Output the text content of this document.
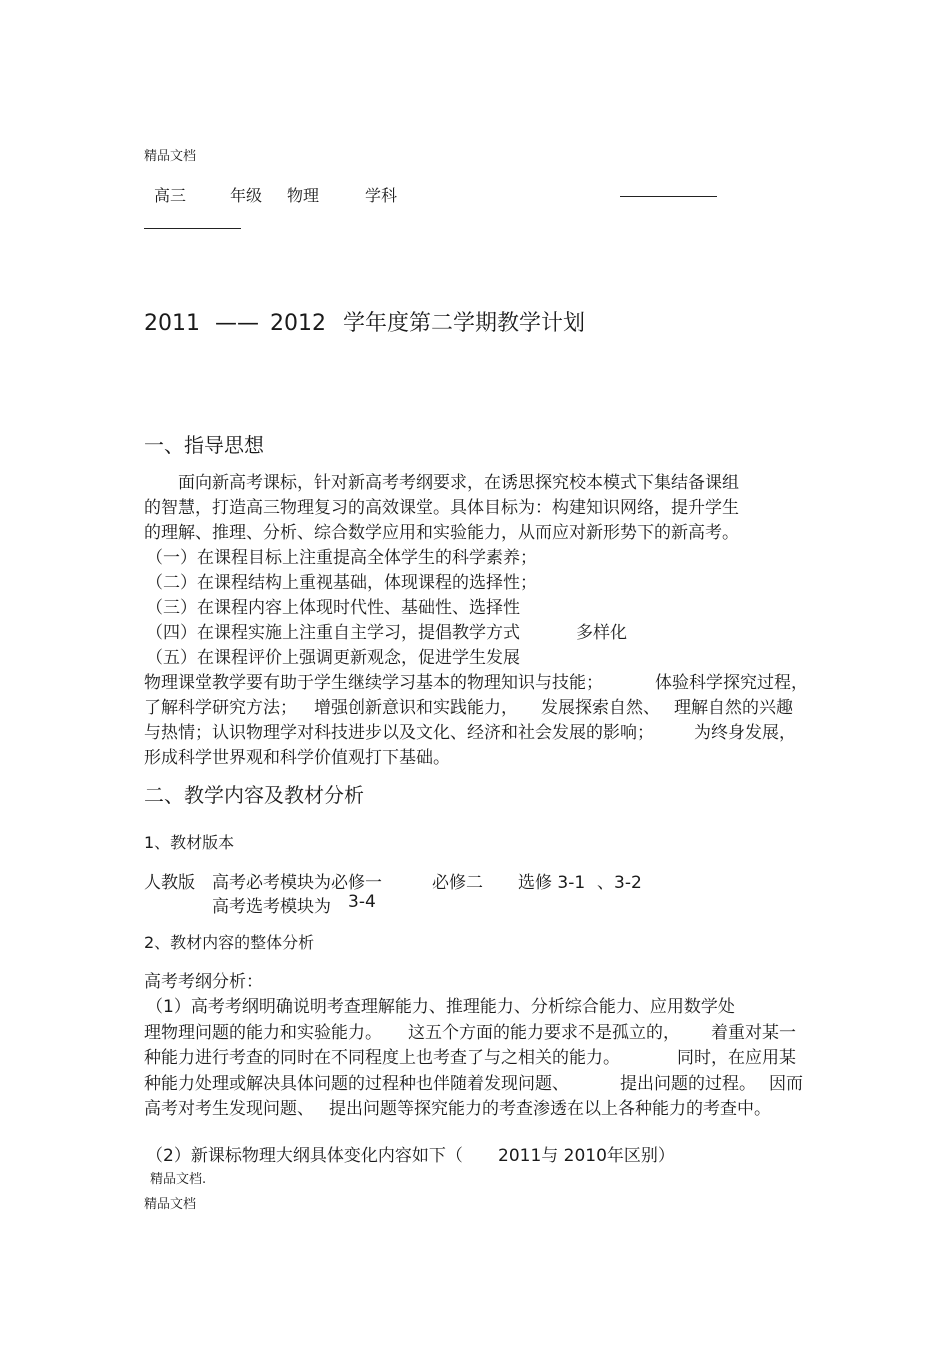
精品文档
高三	年级 物理	学科
2011 —— 2012 学年度第二学期教学计划
一、指导思想
面向新高考课标，针对新高考考纲要求，在诱思探究校本模式下集结备课组
的智慧，打造高三物理复习的高效课堂。具体目标为：构建知识网络，提升学生
的理解、推理、分析、综合数学应用和实验能力，从而应对新形势下的新高考。
（一）在课程目标上注重提高全体学生的科学素养；
（二）在课程结构上重视基础，体现课程的选择性；
（三）在课程内容上体现时代性、基础性、选择性
（四）在课程实施上注重自主学习，提倡教学方式	多样化
（五）在课程评价上强调更新观念，促进学生发展
物理课堂教学要有助于学生继续学习基本的物理知识与技能；	体验科学探究过程，
了解科学研究方法； 增强创新意识和实践能力， 发展探索自然、 理解自然的兴趣
与热情；认识物理学对科技进步以及文化、 经济和社会发展的影响； 为终身发展，
形成科学世界观和科学价值观打下基础。
二、教学内容及教材分析
1、教材版本
人教版 高考必考模块为必修一	必修二 选修 3-1 、3-2
高考选考模块为 3-4
2、教材内容的整体分析
高考考纲分析：
（1）高考考纲明确说明考查理解能力、推理能力、分析综合能力、应用数学处
理物理问题的能力和实验能力。 这五个方面的能力要求不是孤立的， 着重对某一
种能力进行考查的同时在不同程度上也考查了与之相关的能力。	同时，在应用某
种能力处理或解决具体问题的过程种也伴随着发现问题、	提出问题的过程。 因而
高考对考生发现问题、 提出问题等探究能力的考查渗透在以上各种能力的考查中。
（2）新课标物理大纲具体变化内容如下（ 2011与 2010年区别）
精品文档.
精品文档
